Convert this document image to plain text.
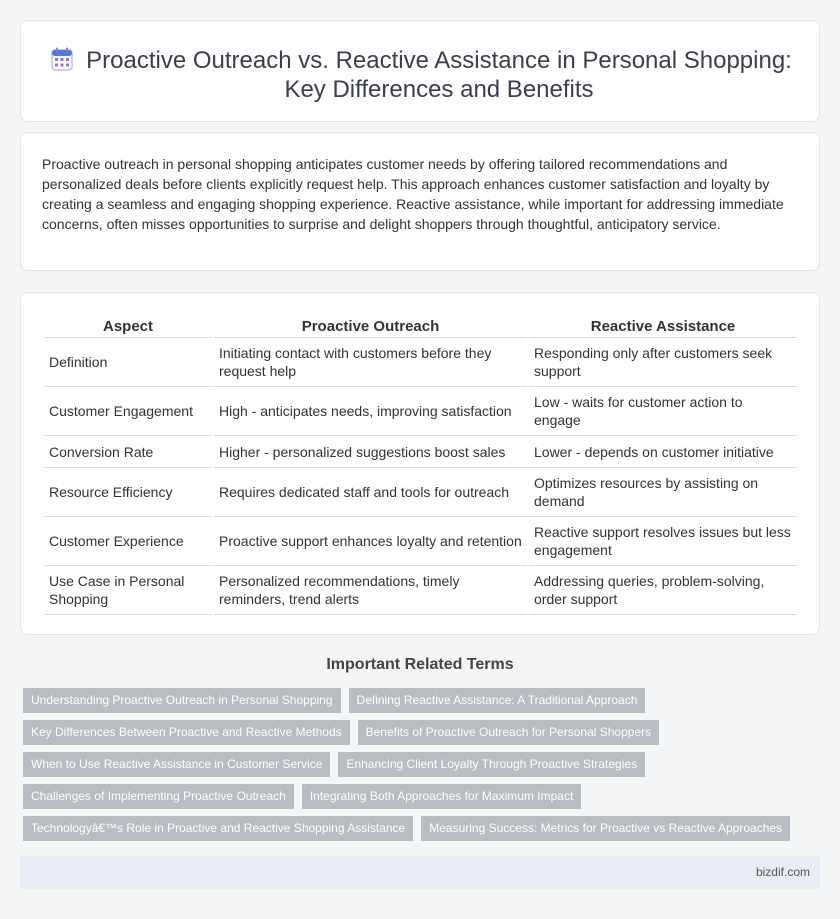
Proactive Outreach vs. Reactive Assistance in Personal Shopping: Key Differences and Benefits

Proactive outreach in personal shopping anticipates customer needs by offering tailored recommendations and personalized deals before clients explicitly request help. This approach enhances customer satisfaction and loyalty by creating a seamless and engaging shopping experience. Reactive assistance, while important for addressing immediate concerns, often misses opportunities to surprise and delight shoppers through thoughtful, anticipatory service.

Aspect	Proactive Outreach	Reactive Assistance
Definition	Initiating contact with customers before they request help	Responding only after customers seek support
Customer Engagement	High - anticipates needs, improving satisfaction	Low - waits for customer action to engage
Conversion Rate	Higher - personalized suggestions boost sales	Lower - depends on customer initiative
Resource Efficiency	Requires dedicated staff and tools for outreach	Optimizes resources by assisting on demand
Customer Experience	Proactive support enhances loyalty and retention	Reactive support resolves issues but less engagement
Use Case in Personal Shopping	Personalized recommendations, timely reminders, trend alerts	Addressing queries, problem-solving, order support
Important Related Terms
Understanding Proactive Outreach in Personal Shopping	Defining Reactive Assistance: A Traditional Approach
Key Differences Between Proactive and Reactive Methods	Benefits of Proactive Outreach for Personal Shoppers
When to Use Reactive Assistance in Customer Service	Enhancing Client Loyalty Through Proactive Strategies
Challenges of Implementing Proactive Outreach	Integrating Both Approaches for Maximum Impact
Technologyâ€™s Role in Proactive and Reactive Shopping Assistance	Measuring Success: Metrics for Proactive vs Reactive Approaches
bizdif.com
